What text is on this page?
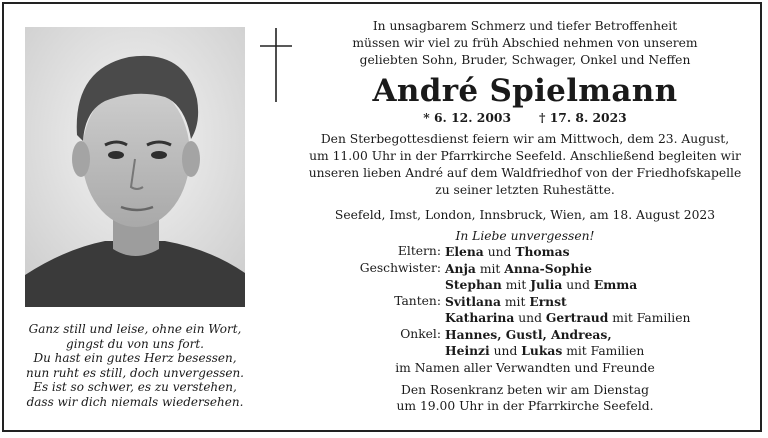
Ganz still und leise, ohne ein Wort,
gingst du von uns fort.
Du hast ein gutes Herz besessen,
nun ruht es still, doch unvergessen.
Es ist so schwer, es zu verstehen,
dass wir dich niemals wiedersehen.
In unsagbarem Schmerz und tiefer Betroffenheit
müssen wir viel zu früh Abschied nehmen von unserem
geliebten Sohn, Bruder, Schwager, Onkel und Neffen
André Spielmann
* 6. 12. 2003 † 17. 8. 2023
Den Sterbegottesdienst feiern wir am Mittwoch, dem 23. August,
um 11.00 Uhr in der Pfarrkirche Seefeld. Anschließend begleiten wir
unseren lieben André auf dem Waldfriedhof von der Friedhofskapelle
zu seiner letzten Ruhestätte.
Seefeld, Imst, London, Innsbruck, Wien, am 18. August 2023
In Liebe unvergessen!
Eltern: Elena und Thomas
Geschwister: Anja mit Anna-Sophie
Stephan mit Julia und Emma
Tanten: Svitlana mit Ernst
Katharina und Gertraud mit Familien
Onkel: Hannes, Gustl, Andreas,
Heinzi und Lukas mit Familien
im Namen aller Verwandten und Freunde
Den Rosenkranz beten wir am Dienstag
um 19.00 Uhr in der Pfarrkirche Seefeld.
